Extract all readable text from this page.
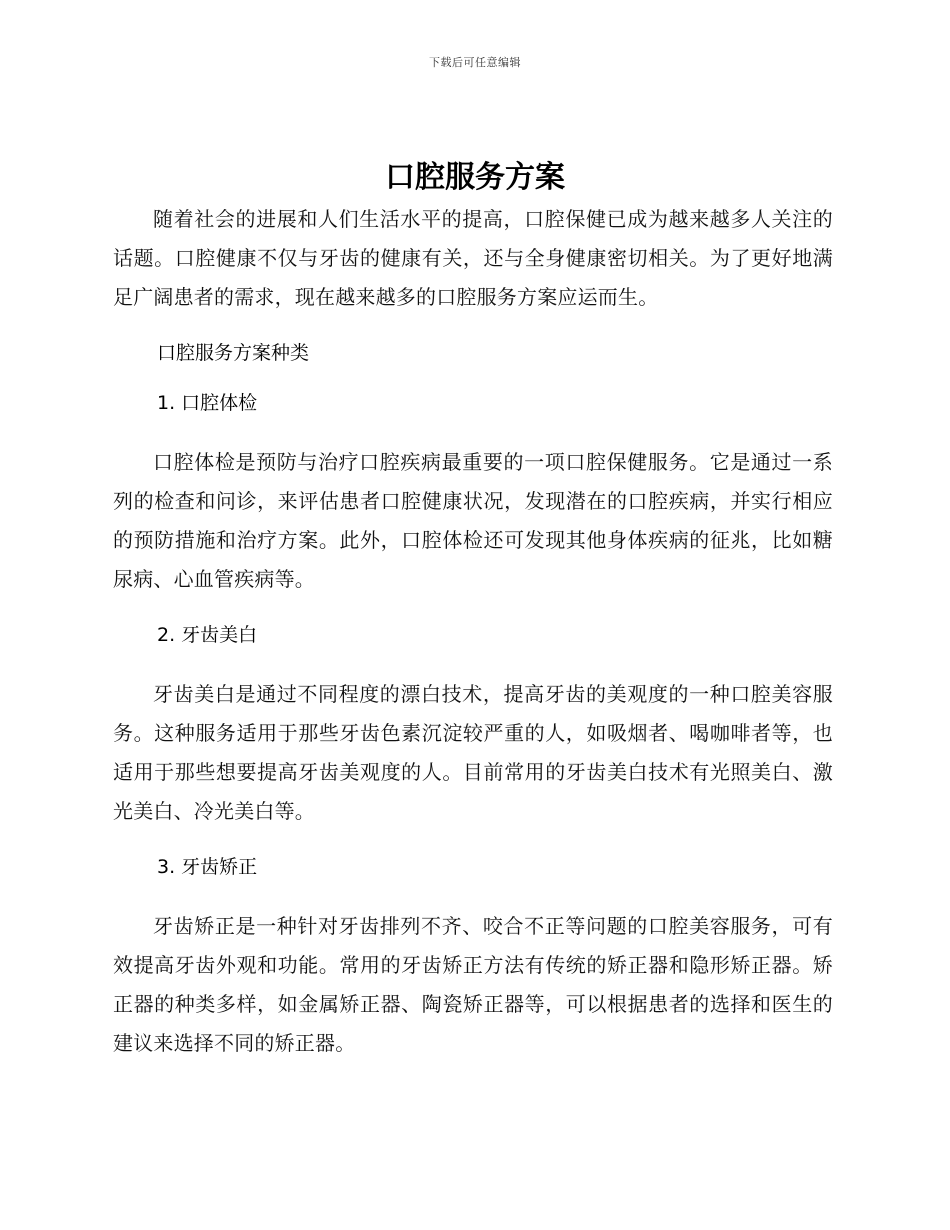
下载后可任意编辑
口腔服务方案

随着社会的进展和人们生活水平的提高，口腔保健已成为越来越多人关注的话题。口腔健康不仅与牙齿的健康有关，还与全身健康密切相关。为了更好地满足广阔患者的需求，现在越来越多的口腔服务方案应运而生。

口腔服务方案种类

1. 口腔体检

口腔体检是预防与治疗口腔疾病最重要的一项口腔保健服务。它是通过一系列的检查和问诊，来评估患者口腔健康状况，发现潜在的口腔疾病，并实行相应的预防措施和治疗方案。此外，口腔体检还可发现其他身体疾病的征兆，比如糖尿病、心血管疾病等。

2. 牙齿美白

牙齿美白是通过不同程度的漂白技术，提高牙齿的美观度的一种口腔美容服务。这种服务适用于那些牙齿色素沉淀较严重的人，如吸烟者、喝咖啡者等，也适用于那些想要提高牙齿美观度的人。目前常用的牙齿美白技术有光照美白、激光美白、冷光美白等。

3. 牙齿矫正

牙齿矫正是一种针对牙齿排列不齐、咬合不正等问题的口腔美容服务，可有效提高牙齿外观和功能。常用的牙齿矫正方法有传统的矫正器和隐形矫正器。矫正器的种类多样，如金属矫正器、陶瓷矫正器等，可以根据患者的选择和医生的建议来选择不同的矫正器。
